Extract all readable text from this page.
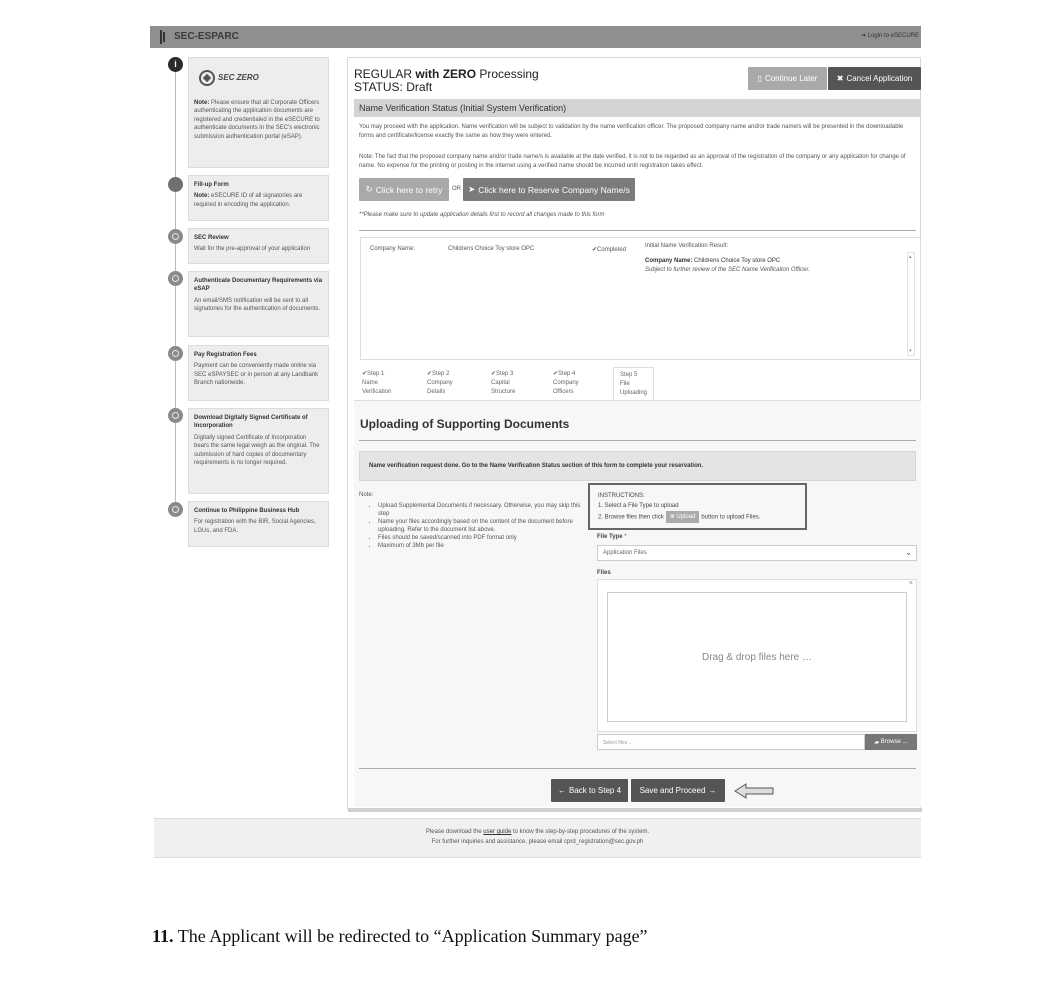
SEC-ESPARC	➔ Login to eSECURE
i
SEC ZERO
Note: Please ensure that all Corporate Officers authenticating the application documents are registered and credentialed in the eSECURE to authenticate documents in the SEC's electronic submission authentication portal (eSAP).
Fill-up Form
Note: eSECURE ID of all signatories are required in encoding the application.
SEC Review
Wait for the pre-approval of your application
Authenticate Documentary Requirements via eSAP
An email/SMS notification will be sent to all signatories for the authentication of documents.
Pay Registration Fees
Payment can be conveniently made online via SEC eSPAYSEC or in person at any Landbank Branch nationwide.
Download Digitally Signed Certificate of Incorporation
Digitally signed Certificate of Incorporation bears the same legal weigh as the original. The submission of hard copies of documentary requirements is no longer required.
Continue to Philippine Business Hub
For registration with the BIR, Social Agencies, LGUs, and FDA.
REGULAR with ZERO Processing
STATUS: Draft
▯ Continue Later ✖ Cancel Application
Name Verification Status (Initial System Verification)
You may proceed with the application. Name verification will be subject to validation by the name verification officer. The proposed company name and/or trade name/s will be presented in the downloadable forms and certificate/license exactly the same as how they were entered.
Note: The fact that the proposed company name and/or trade name/s is available at the date verified, it is not to be regarded as an approval of the registration of the company or any application for change of name. No expense for the printing or posting in the internet using a verified name should be incurred until registration takes effect.
↻ Click here to retry OR ➤ Click here to Reserve Company Name/s
**Please make sure to update application details first to record all changes made to this form
Company Name:	Childrens Choice Toy store OPC	✔Completed
Initial Name Verification Result:
Company Name: Childrens Choice Toy store OPC
Subject to further review of the SEC Name Verification Officer.
▴
▾
✔Step 1
Name Verification
✔Step 2
Company Details
✔Step 3
Capital Structure
✔Step 4
Company Officers
Step 5
File Uploading
Uploading of Supporting Documents
Name verification request done. Go to the Name Verification Status section of this form to complete your reservation.
Note:
• Upload Supplemental Documents if necessary. Otherwise, you may skip this step
• Name your files accordingly based on the content of the document before uploading. Refer to the document list above.
• Files should be saved/scanned into PDF format only
• Maximum of 3Mb per file
INSTRUCTIONS:
1. Select a File Type to upload
2. Browse files then click ⊕ Upload button to upload Files.
File Type *
Application Files	⌄
Files
×
Drag & drop files here …
Select files ...	▰
Browse ...
← Back to Step 4 Save and Proceed →
Please download the user guide to know the step-by-step procedures of the system.
For further inquiries and assistance, please email cprd_registration@sec.gov.ph
11. The Applicant will be redirected to “Application Summary page”
